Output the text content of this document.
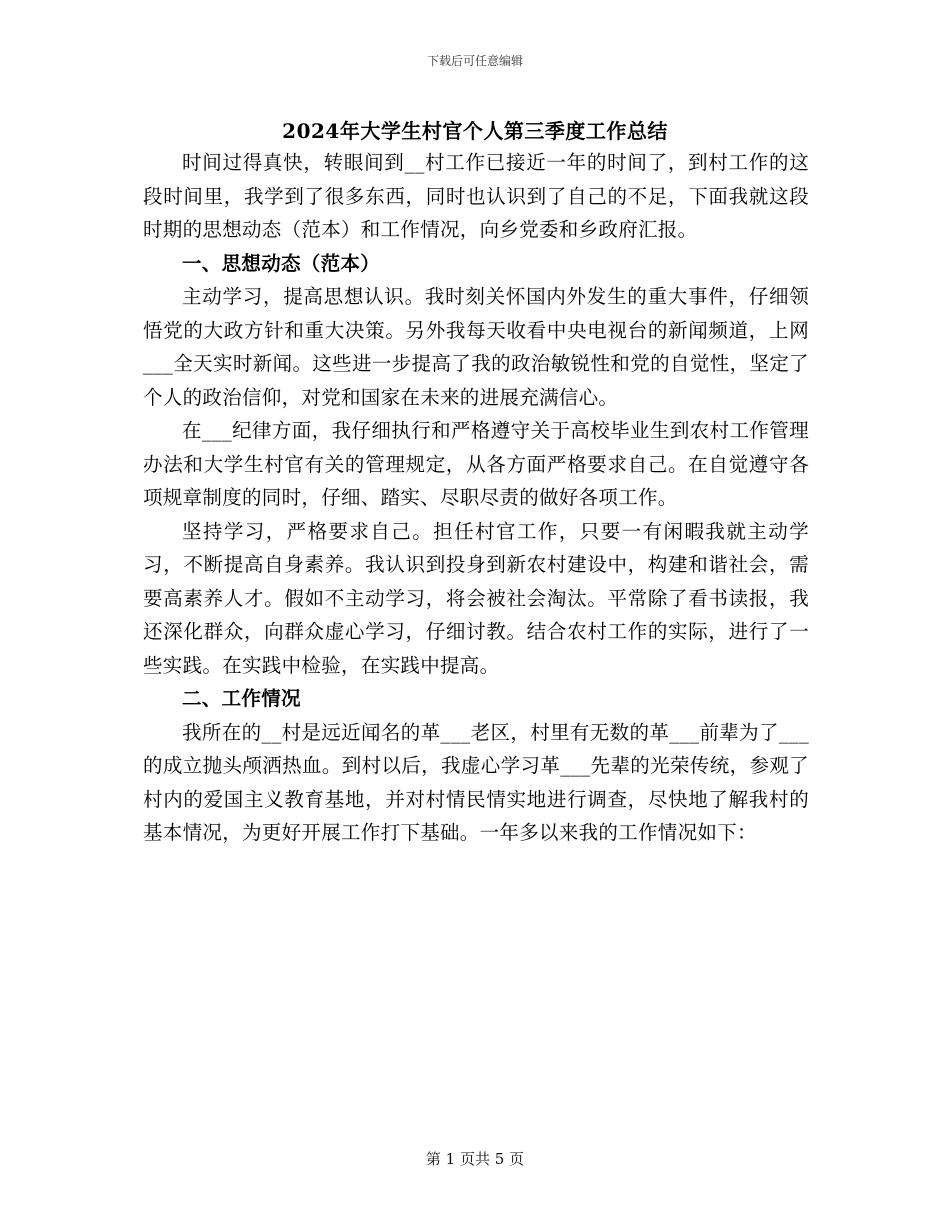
下载后可任意编辑
2024年大学生村官个人第三季度工作总结

时间过得真快，转眼间到__村工作已接近一年的时间了，到村工作的这段时间里，我学到了很多东西，同时也认识到了自己的不足，下面我就这段时期的思想动态（范本）和工作情况，向乡党委和乡政府汇报。

一、思想动态（范本）

主动学习，提高思想认识。我时刻关怀国内外发生的重大事件，仔细领悟党的大政方针和重大决策。另外我每天收看中央电视台的新闻频道，上网___全天实时新闻。这些进一步提高了我的政治敏锐性和党的自觉性，坚定了个人的政治信仰，对党和国家在未来的进展充满信心。

在___纪律方面，我仔细执行和严格遵守关于高校毕业生到农村工作管理办法和大学生村官有关的管理规定，从各方面严格要求自己。在自觉遵守各项规章制度的同时，仔细、踏实、尽职尽责的做好各项工作。

坚持学习，严格要求自己。担任村官工作，只要一有闲暇我就主动学习，不断提高自身素养。我认识到投身到新农村建设中，构建和谐社会，需要高素养人才。假如不主动学习，将会被社会淘汰。平常除了看书读报，我还深化群众，向群众虚心学习，仔细讨教。结合农村工作的实际，进行了一些实践。在实践中检验，在实践中提高。

二、工作情况

我所在的__村是远近闻名的革___老区，村里有无数的革___前辈为了___的成立抛头颅洒热血。到村以后，我虚心学习革___先辈的光荣传统，参观了村内的爱国主义教育基地，并对村情民情实地进行调查，尽快地了解我村的基本情况，为更好开展工作打下基础。一年多以来我的工作情况如下：

第 1 页共 5 页
